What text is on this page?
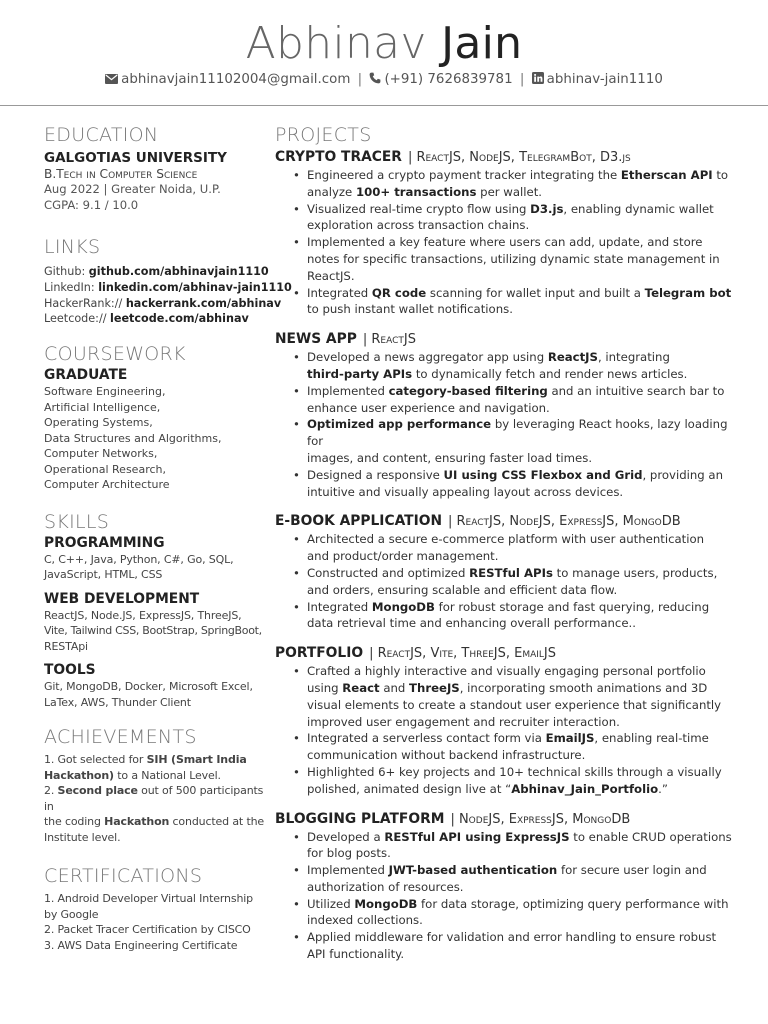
Abhinav Jain
abhinavjain11102004@gmail.com | (+91) 7626839781 | abhinav-jain1110
EDUCATION
GALGOTIAS UNIVERSITY
B.Tech in Computer Science
Aug 2022 | Greater Noida, U.P.
CGPA: 9.1 / 10.0
LINKS
Github: github.com/abhinavjain1110
LinkedIn: linkedin.com/abhinav-jain1110
HackerRank:// hackerrank.com/abhinav
Leetcode:// leetcode.com/abhinav
COURSEWORK
GRADUATE
Software Engineering,
Artificial Intelligence,
Operating Systems,
Data Structures and Algorithms,
Computer Networks,
Operational Research,
Computer Architecture
SKILLS
PROGRAMMING
C, C++, Java, Python, C#, Go, SQL,
JavaScript, HTML, CSS
WEB DEVELOPMENT
ReactJS, Node.JS, ExpressJS, ThreeJS,
Vite, Tailwind CSS, BootStrap, SpringBoot,
RESTApi
TOOLS
Git, MongoDB, Docker, Microsoft Excel,
LaTex, AWS, Thunder Client
ACHIEVEMENTS
1. Got selected for SIH (Smart India
Hackathon) to a National Level.
2. Second place out of 500 participants in
the coding Hackathon conducted at the
Institute level.
CERTIFICATIONS
1. Android Developer Virtual Internship
by Google
2. Packet Tracer Certification by CISCO
3. AWS Data Engineering Certificate
PROJECTS
CRYPTO TRACER | ReactJS, NodeJS, TelegramBot, D3.js
• Engineered a crypto payment tracker integrating the Etherscan API to
analyze 100+ transactions per wallet.
• Visualized real-time crypto flow using D3.js, enabling dynamic wallet
exploration across transaction chains.
• Implemented a key feature where users can add, update, and store
notes for specific transactions, utilizing dynamic state management in
ReactJS.
• Integrated QR code scanning for wallet input and built a Telegram bot
to push instant wallet notifications.
NEWS APP | ReactJS
• Developed a news aggregator app using ReactJS, integrating
third-party APIs to dynamically fetch and render news articles.
• Implemented category-based filtering and an intuitive search bar to
enhance user experience and navigation.
• Optimized app performance by leveraging React hooks, lazy loading for
images, and content, ensuring faster load times.
• Designed a responsive UI using CSS Flexbox and Grid, providing an
intuitive and visually appealing layout across devices.
E-BOOK APPLICATION | ReactJS, NodeJS, ExpressJS, MongoDB
• Architected a secure e-commerce platform with user authentication
and product/order management.
• Constructed and optimized RESTful APIs to manage users, products,
and orders, ensuring scalable and efficient data flow.
• Integrated MongoDB for robust storage and fast querying, reducing
data retrieval time and enhancing overall performance..
PORTFOLIO | ReactJS, Vite, ThreeJS, EmailJS
• Crafted a highly interactive and visually engaging personal portfolio
using React and ThreeJS, incorporating smooth animations and 3D
visual elements to create a standout user experience that significantly
improved user engagement and recruiter interaction.
• Integrated a serverless contact form via EmailJS, enabling real-time
communication without backend infrastructure.
• Highlighted 6+ key projects and 10+ technical skills through a visually
polished, animated design live at “Abhinav_Jain_Portfolio.”
BLOGGING PLATFORM | NodeJS, ExpressJS, MongoDB
• Developed a RESTful API using ExpressJS to enable CRUD operations
for blog posts.
• Implemented JWT-based authentication for secure user login and
authorization of resources.
• Utilized MongoDB for data storage, optimizing query performance with
indexed collections.
• Applied middleware for validation and error handling to ensure robust
API functionality.
